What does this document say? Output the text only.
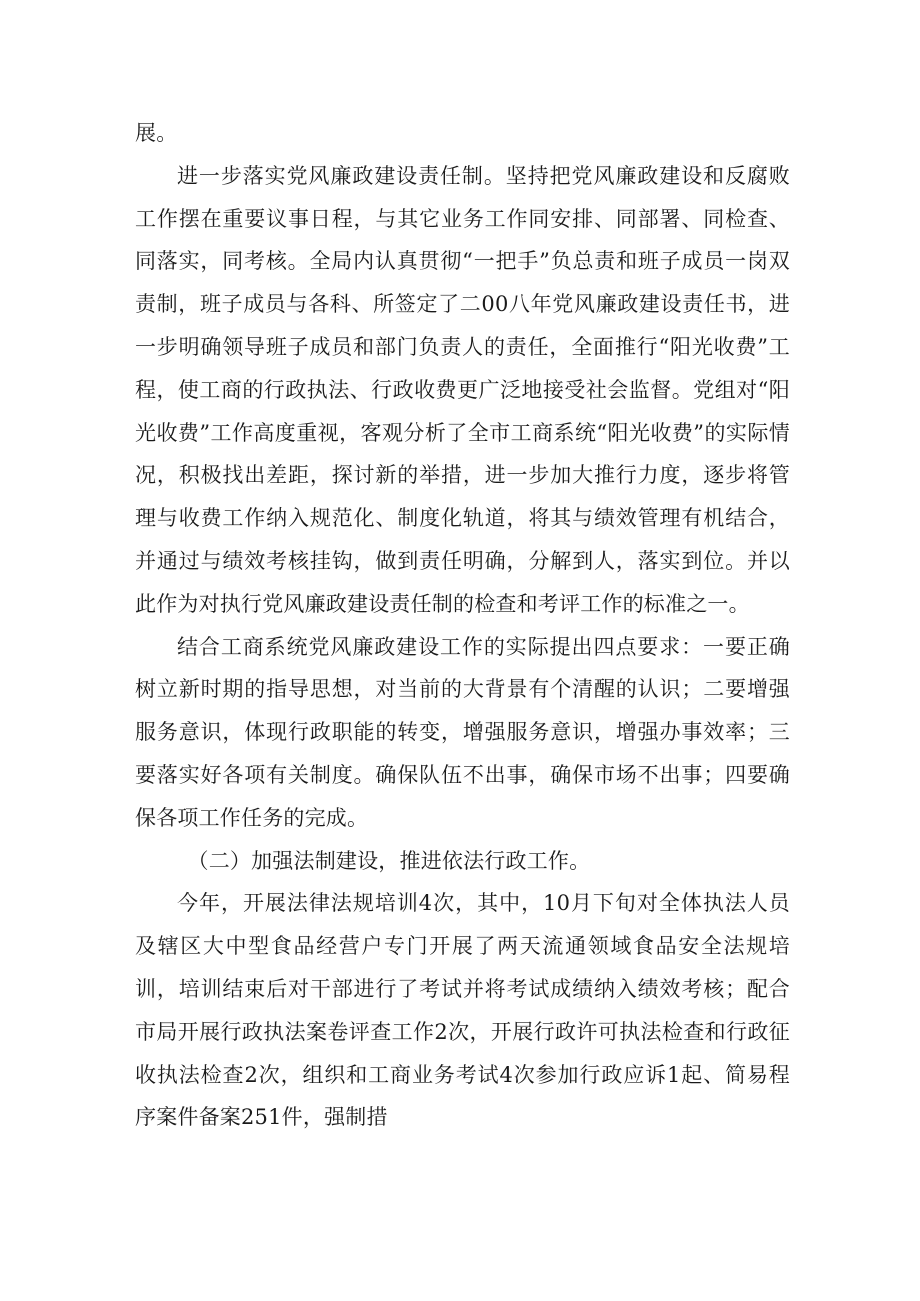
展。

进一步落实党风廉政建设责任制。坚持把党风廉政建设和反腐败工作摆在重要议事日程，与其它业务工作同安排、同部署、同检查、同落实，同考核。全局内认真贯彻“一把手”负总责和班子成员一岗双责制，班子成员与各科、所签定了二00八年党风廉政建设责任书，进一步明确领导班子成员和部门负责人的责任，全面推行“阳光收费”工程，使工商的行政执法、行政收费更广泛地接受社会监督。党组对“阳光收费”工作高度重视，客观分析了全市工商系统“阳光收费”的实际情况，积极找出差距，探讨新的举措，进一步加大推行力度，逐步将管理与收费工作纳入规范化、制度化轨道，将其与绩效管理有机结合，并通过与绩效考核挂钩，做到责任明确，分解到人，落实到位。并以此作为对执行党风廉政建设责任制的检查和考评工作的标准之一。

结合工商系统党风廉政建设工作的实际提出四点要求：一要正确树立新时期的指导思想，对当前的大背景有个清醒的认识；二要增强服务意识，体现行政职能的转变，增强服务意识，增强办事效率；三要落实好各项有关制度。确保队伍不出事，确保市场不出事；四要确保各项工作任务的完成。

（二）加强法制建设，推进依法行政工作。

今年，开展法律法规培训4次，其中，10月下旬对全体执法人员及辖区大中型食品经营户专门开展了两天流通领域食品安全法规培训，培训结束后对干部进行了考试并将考试成绩纳入绩效考核；配合市局开展行政执法案卷评查工作2次，开展行政许可执法检查和行政征收执法检查2次，组织和工商业务考试4次参加行政应诉1起、简易程序案件备案251件，强制措
